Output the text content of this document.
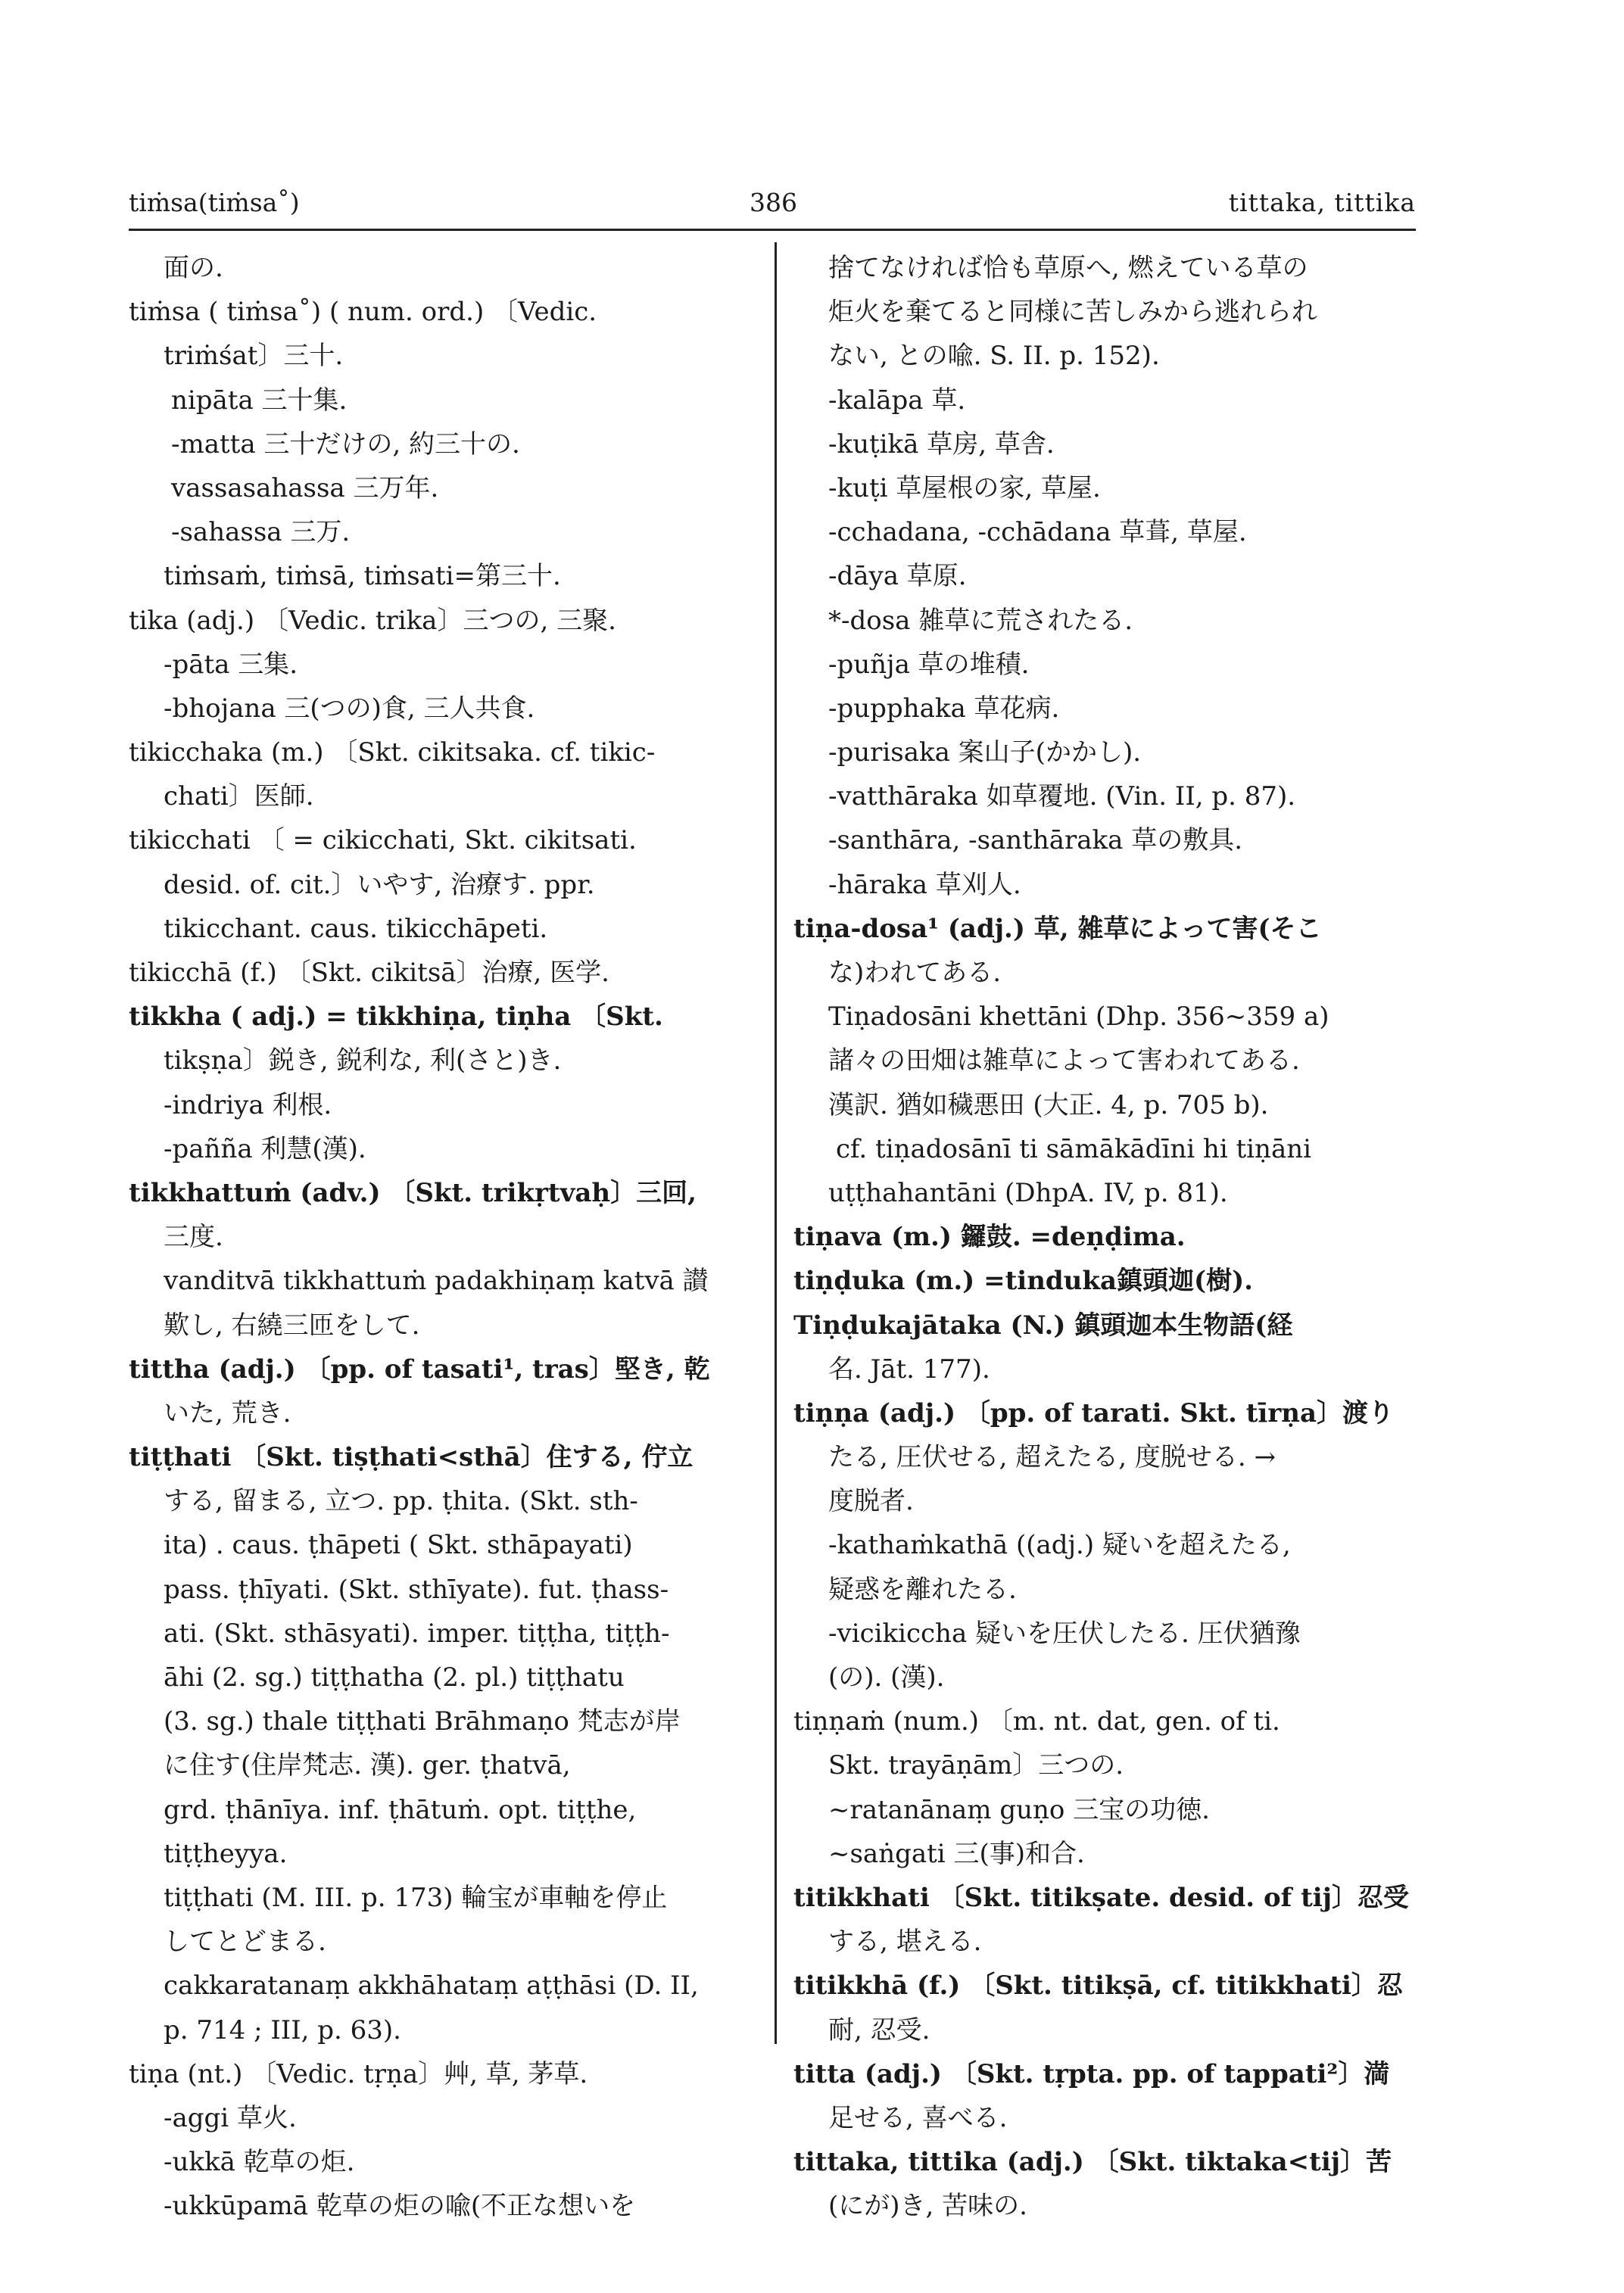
tiṁsa(tiṁsa˚)	386	tittaka, tittika
面の.
tiṁsa ( tiṁsa˚) ( num. ord.) 〔Vedic.
triṁśat〕三十.
nipāta 三十集.
-matta 三十だけの, 約三十の.
vassasahassa 三万年.
-sahassa 三万.
tiṁsaṁ, tiṁsā, tiṁsati=第三十.
tika (adj.) 〔Vedic. trika〕三つの, 三聚.
-pāta 三集.
-bhojana 三(つの)食, 三人共食.
tikicchaka (m.) 〔Skt. cikitsaka. cf. tikic-
chati〕医師.
tikicchati 〔 = cikicchati, Skt. cikitsati.
desid. of. cit.〕いやす, 治療す. ppr.
tikicchant. caus. tikicchāpeti.
tikicchā (f.) 〔Skt. cikitsā〕治療, 医学.
tikkha ( adj.) = tikkhiṇa, tiṇha 〔Skt.
tikṣṇa〕鋭き, 鋭利な, 利(さと)き.
-indriya 利根.
-pañña 利慧(漢).
tikkhattuṁ (adv.) 〔Skt. trikṛtvaḥ〕三回,
三度.
vanditvā tikkhattuṁ padakhiṇaṃ katvā 讃
歎し, 右繞三匝をして.
tittha (adj.) 〔pp. of tasati¹, tras〕堅き, 乾
いた, 荒き.
tiṭṭhati 〔Skt. tiṣṭhati<sthā〕住する, 佇立
する, 留まる, 立つ. pp. ṭhita. (Skt. sth-
ita) . caus. ṭhāpeti ( Skt. sthāpayati)
pass. ṭhīyati. (Skt. sthīyate). fut. ṭhass-
ati. (Skt. sthāsyati). imper. tiṭṭha, tiṭṭh-
āhi (2. sg.) tiṭṭhatha (2. pl.) tiṭṭhatu
(3. sg.) thale tiṭṭhati Brāhmaṇo 梵志が岸
に住す(住岸梵志. 漢). ger. ṭhatvā,
grd. ṭhānīya. inf. ṭhātuṁ. opt. tiṭṭhe,
tiṭṭheyya.
tiṭṭhati (M. III. p. 173) 輪宝が車軸を停止
してとどまる.
cakkaratanaṃ akkhāhataṃ aṭṭhāsi (D. II,
p. 714 ; III, p. 63).
tiṇa (nt.) 〔Vedic. tṛṇa〕艸, 草, 茅草.
-aggi 草火.
-ukkā 乾草の炬.
-ukkūpamā 乾草の炬の喩(不正な想いを
捨てなければ恰も草原へ, 燃えている草の
炬火を棄てると同様に苦しみから逃れられ
ない, との喩. S. II. p. 152).
-kalāpa 草.
-kuṭikā 草房, 草舎.
-kuṭi 草屋根の家, 草屋.
-cchadana, -cchādana 草葺, 草屋.
-dāya 草原.
*-dosa 雑草に荒されたる.
-puñja 草の堆積.
-pupphaka 草花病.
-purisaka 案山子(かかし).
-vatthāraka 如草覆地. (Vin. II, p. 87).
-santhāra, -santhāraka 草の敷具.
-hāraka 草刈人.
tiṇa-dosa¹ (adj.) 草, 雑草によって害(そこ
な)われてある.
Tiṇadosāni khettāni (Dhp. 356~359 a)
諸々の田畑は雑草によって害われてある.
漢訳. 猶如穢悪田 (大正. 4, p. 705 b).
cf. tiṇadosānī ti sāmākādīni hi tiṇāni
uṭṭhahantāni (DhpA. IV, p. 81).
tiṇava (m.) 鑼鼓. =deṇḍima.
tiṇḍuka (m.) =tinduka鎮頭迦(樹).
Tiṇḍukajātaka (N.) 鎮頭迦本生物語(経
名. Jāt. 177).
tiṇṇa (adj.) 〔pp. of tarati. Skt. tīrṇa〕渡り
たる, 圧伏せる, 超えたる, 度脱せる. →
度脱者.
-kathaṁkathā ((adj.) 疑いを超えたる,
疑惑を離れたる.
-vicikiccha 疑いを圧伏したる. 圧伏猶豫
(の). (漢).
tiṇṇaṁ (num.) 〔m. nt. dat, gen. of ti.
Skt. trayāṇām〕三つの.
~ratanānaṃ guṇo 三宝の功徳.
~saṅgati 三(事)和合.
titikkhati 〔Skt. titikṣate. desid. of tij〕忍受
する, 堪える.
titikkhā (f.) 〔Skt. titikṣā, cf. titikkhati〕忍
耐, 忍受.
titta (adj.) 〔Skt. tṛpta. pp. of tappati²〕満
足せる, 喜べる.
tittaka, tittika (adj.) 〔Skt. tiktaka<tij〕苦
(にが)き, 苦味の.
